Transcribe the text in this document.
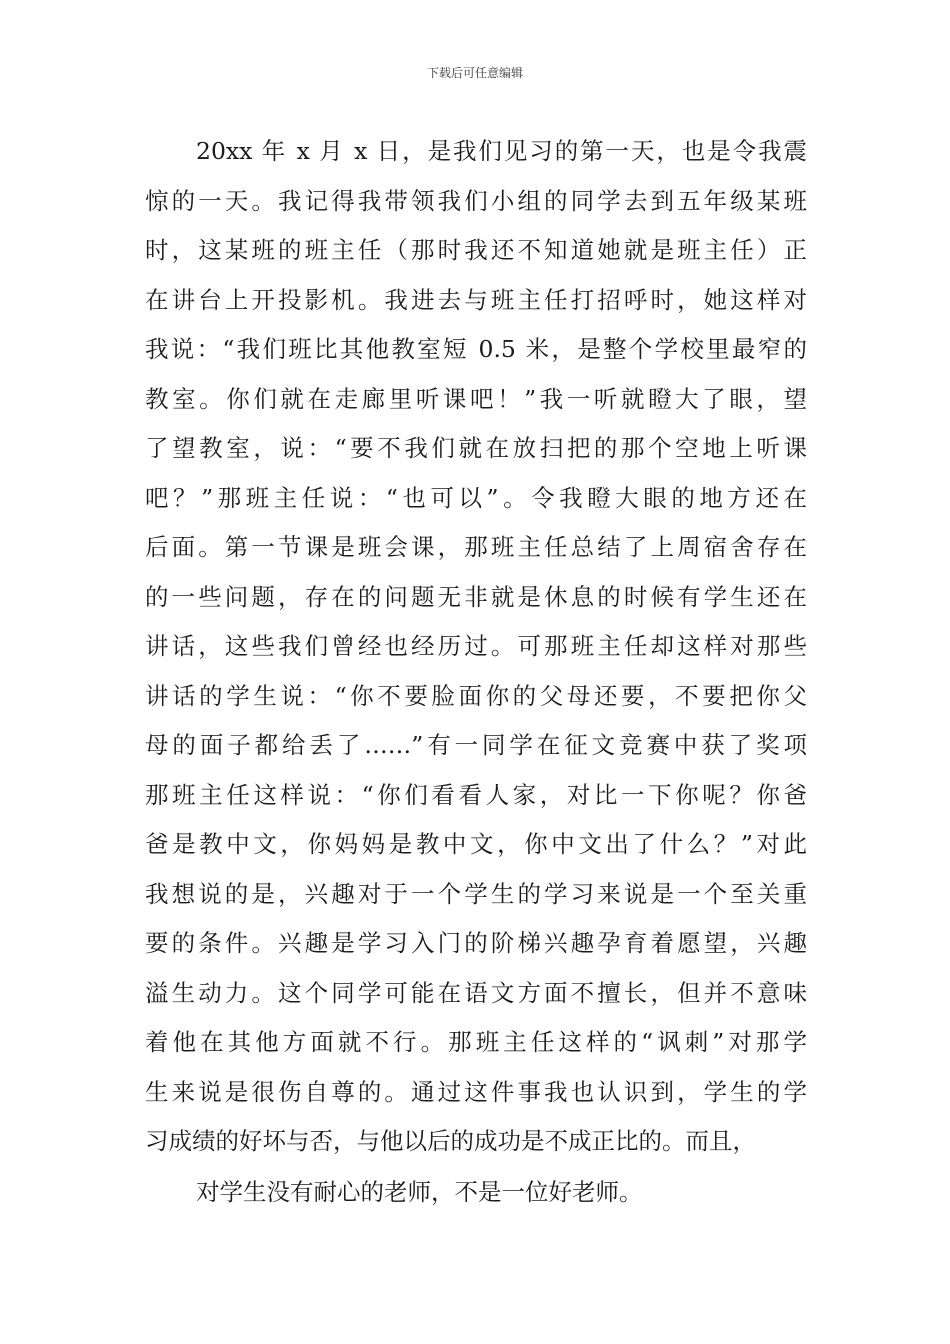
下载后可任意编辑
20xx 年 x 月 x 日，是我们见习的第一天，也是令我震
惊的一天。我记得我带领我们小组的同学去到五年级某班
时，这某班的班主任（那时我还不知道她就是班主任）正
在讲台上开投影机。我进去与班主任打招呼时，她这样对
我说：“我们班比其他教室短 0.5 米，是整个学校里最窄的
教室。你们就在走廊里听课吧！”我一听就瞪大了眼，望
了望教室，说：“要不我们就在放扫把的那个空地上听课
吧？”那班主任说：“也可以”。令我瞪大眼的地方还在
后面。第一节课是班会课，那班主任总结了上周宿舍存在
的一些问题，存在的问题无非就是休息的时候有学生还在
讲话，这些我们曾经也经历过。可那班主任却这样对那些
讲话的学生说：“你不要脸面你的父母还要，不要把你父
母的面子都给丢了……”有一同学在征文竞赛中获了奖项
那班主任这样说：“你们看看人家，对比一下你呢？你爸
爸是教中文，你妈妈是教中文，你中文出了什么？”对此
我想说的是，兴趣对于一个学生的学习来说是一个至关重
要的条件。兴趣是学习入门的阶梯兴趣孕育着愿望，兴趣
溢生动力。这个同学可能在语文方面不擅长，但并不意味
着他在其他方面就不行。那班主任这样的“讽刺”对那学
生来说是很伤自尊的。通过这件事我也认识到，学生的学
习成绩的好坏与否，与他以后的成功是不成正比的。而且，
对学生没有耐心的老师，不是一位好老师。
